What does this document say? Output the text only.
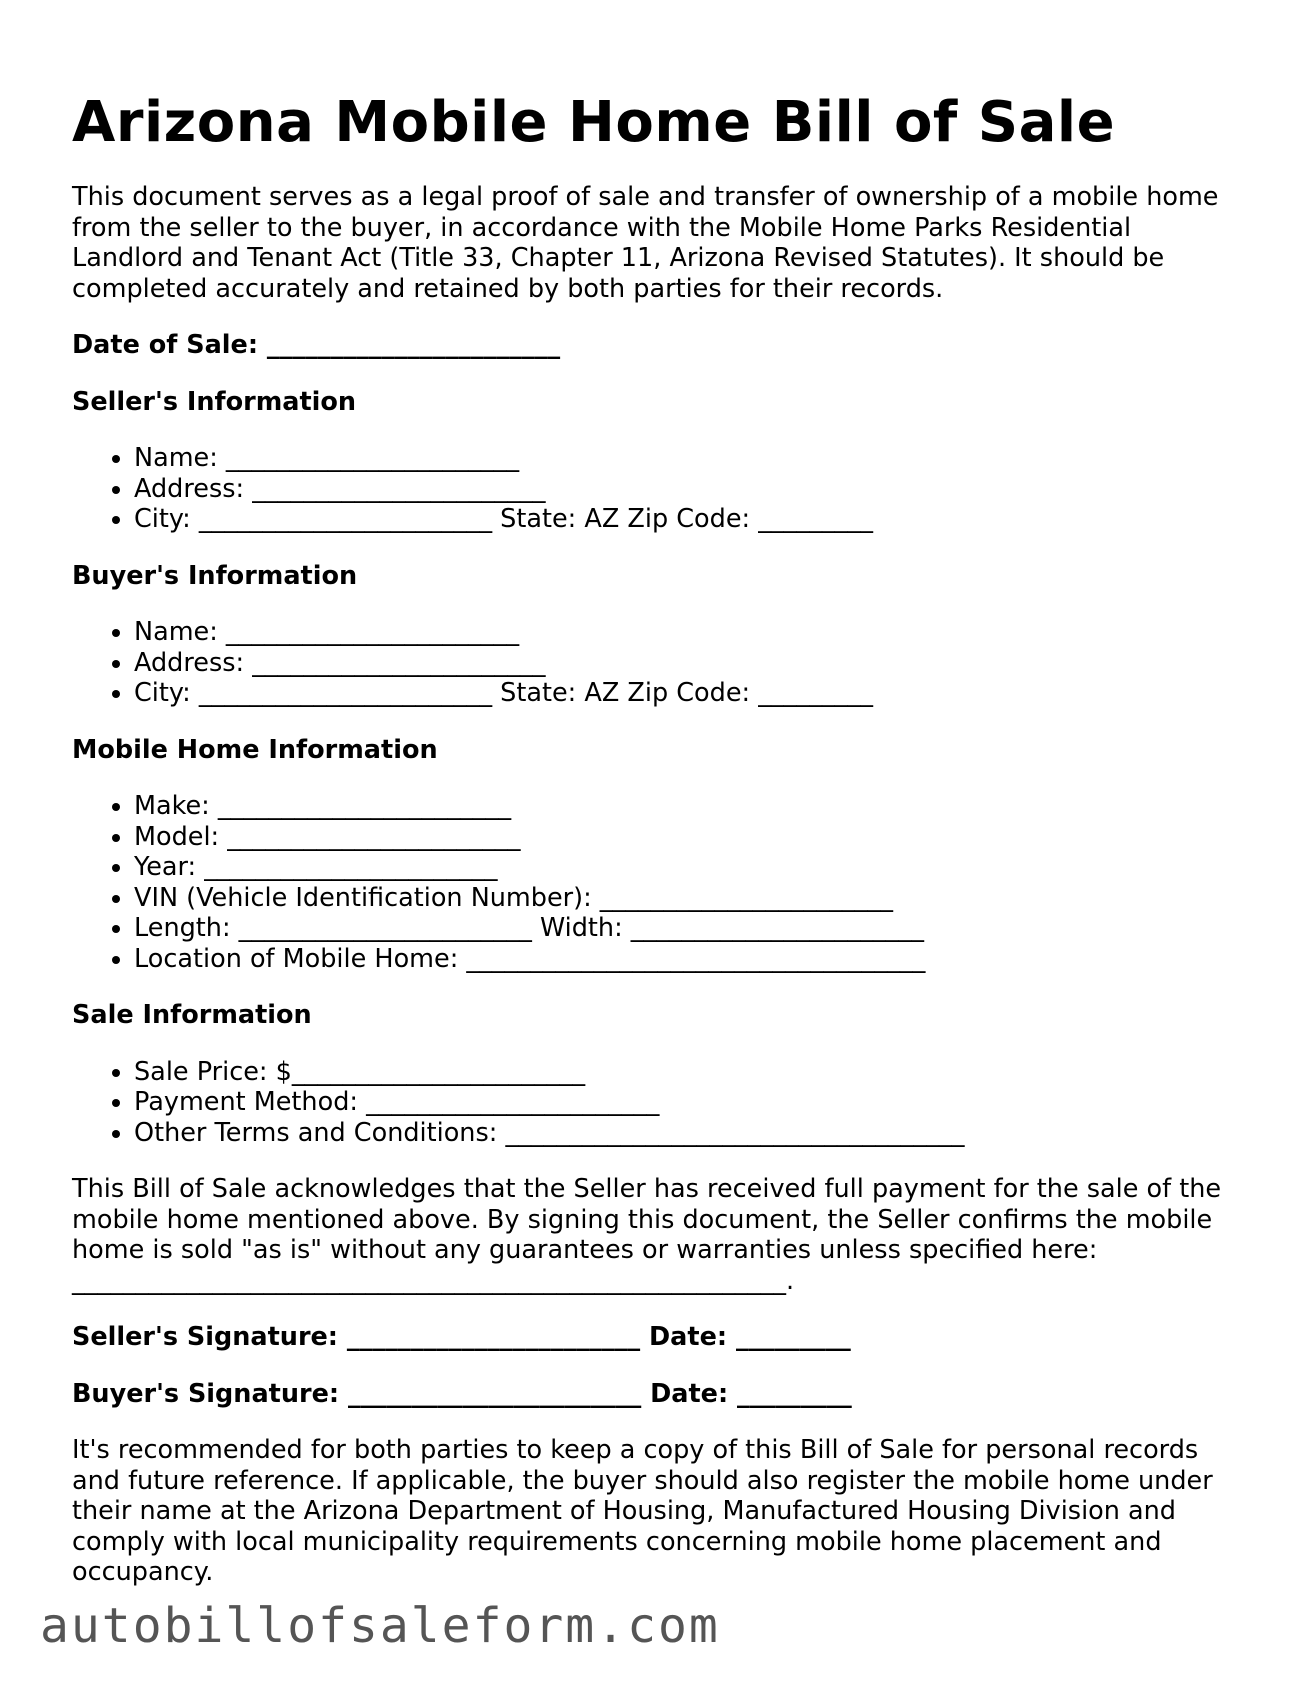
Arizona Mobile Home Bill of Sale

This document serves as a legal proof of sale and transfer of ownership of a mobile home from the seller to the buyer, in accordance with the Mobile Home Parks Residential Landlord and Tenant Act (Title 33, Chapter 11, Arizona Revised Statutes). It should be completed accurately and retained by both parties for their records.

Date of Sale: _______________________

Seller's Information
• Name: _______________________
• Address: _______________________
• City: _______________________ State: AZ Zip Code: _________
Buyer's Information
• Name: _______________________
• Address: _______________________
• City: _______________________ State: AZ Zip Code: _________
Mobile Home Information
• Make: _______________________
• Model: _______________________
• Year: _______________________
• VIN (Vehicle Identification Number): _______________________
• Length: _______________________ Width: _______________________
• Location of Mobile Home: ____________________________________
Sale Information
• Sale Price: $_______________________
• Payment Method: _______________________
• Other Terms and Conditions: ____________________________________

This Bill of Sale acknowledges that the Seller has received full payment for the sale of the mobile home mentioned above. By signing this document, the Seller confirms the mobile home is sold "as is" without any guarantees or warranties unless specified here: ________________________________________________________.

Seller's Signature: _______________________ Date: _________

Buyer's Signature: _______________________ Date: _________

It's recommended for both parties to keep a copy of this Bill of Sale for personal records and future reference. If applicable, the buyer should also register the mobile home under their name at the Arizona Department of Housing, Manufactured Housing Division and comply with local municipality requirements concerning mobile home placement and occupancy.

autobillofsaleform.com
